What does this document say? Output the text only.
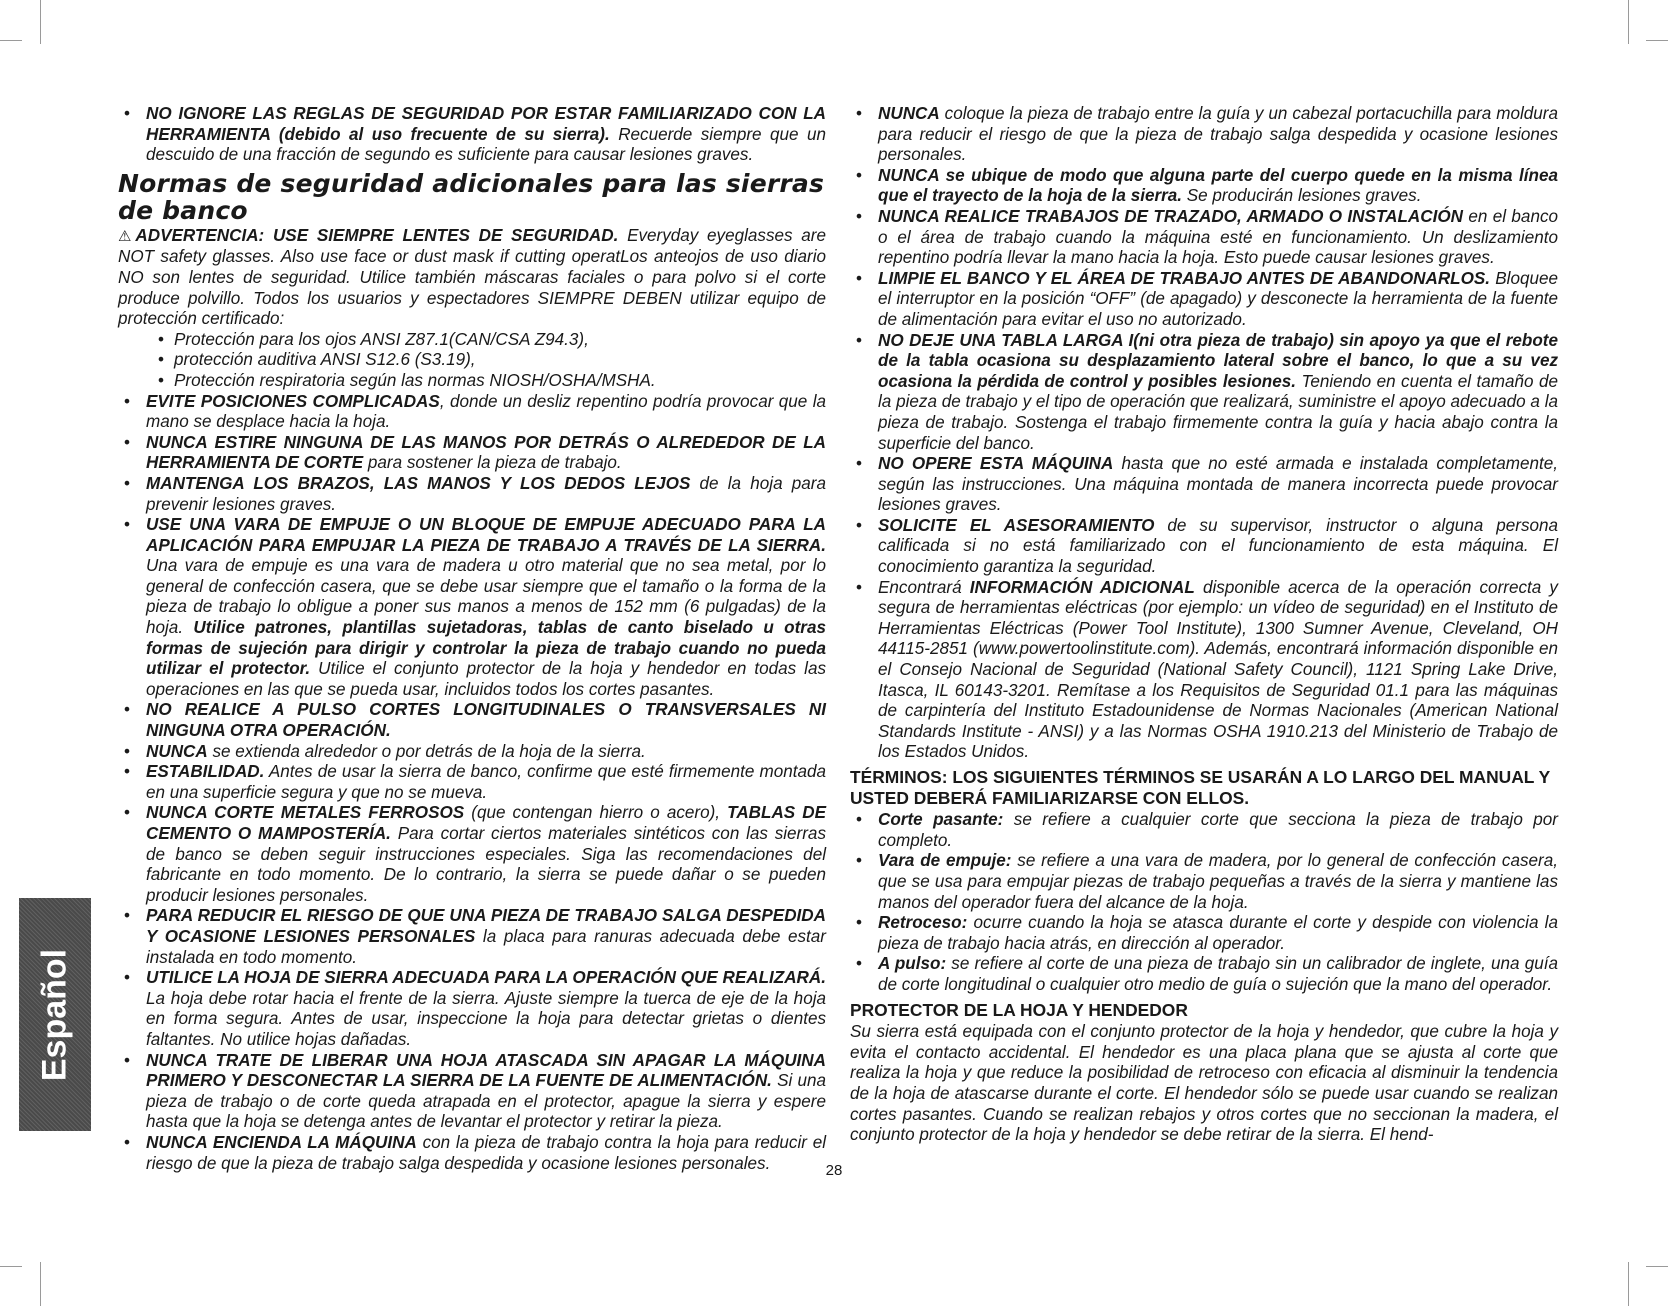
Español
• NO IGNORE LAS REGLAS DE SEGURIDAD POR ESTAR FAMILIARIZADO CON LA HERRAMIENTA (debido al uso frecuente de su sierra). Recuerde siempre que un descuido de una fracción de segundo es suficiente para causar lesiones graves.
Normas de seguridad adicionales para las sierras de banco

⚠ADVERTENCIA: USE SIEMPRE LENTES DE SEGURIDAD. Everyday eyeglasses are NOT safety glasses. Also use face or dust mask if cutting operatLos anteojos de uso diario NO son lentes de seguridad. Utilice también máscaras faciales o para polvo si el corte produce polvillo. Todos los usuarios y espectadores SIEMPRE DEBEN utilizar equipo de protección certificado:

• Protección para los ojos ANSI Z87.1(CAN/CSA Z94.3),
• protección auditiva ANSI S12.6 (S3.19),
• Protección respiratoria según las normas NIOSH/OSHA/MSHA.
• EVITE POSICIONES COMPLICADAS, donde un desliz repentino podría provocar que la mano se desplace hacia la hoja.
• NUNCA ESTIRE NINGUNA DE LAS MANOS POR DETRÁS O ALREDEDOR DE LA HERRAMIENTA DE CORTE para sostener la pieza de trabajo.
• MANTENGA LOS BRAZOS, LAS MANOS Y LOS DEDOS LEJOS de la hoja para prevenir lesiones graves.
• USE UNA VARA DE EMPUJE O UN BLOQUE DE EMPUJE ADECUADO PARA LA APLICACIÓN PARA EMPUJAR LA PIEZA DE TRABAJO A TRAVÉS DE LA SIERRA. Una vara de empuje es una vara de madera u otro material que no sea metal, por lo general de confección casera, que se debe usar siempre que el tamaño o la forma de la pieza de trabajo lo obligue a poner sus manos a menos de 152 mm (6 pulgadas) de la hoja. Utilice patrones, plantillas sujetadoras, tablas de canto biselado u otras formas de sujeción para dirigir y controlar la pieza de trabajo cuando no pueda utilizar el protector. Utilice el conjunto protector de la hoja y hendedor en todas las operaciones en las que se pueda usar, incluidos todos los cortes pasantes.
• NO REALICE A PULSO CORTES LONGITUDINALES O TRANSVERSALES NI NINGUNA OTRA OPERACIÓN.
• NUNCA se extienda alrededor o por detrás de la hoja de la sierra.
• ESTABILIDAD. Antes de usar la sierra de banco, confirme que esté firmemente montada en una superficie segura y que no se mueva.
• NUNCA CORTE METALES FERROSOS (que contengan hierro o acero), TABLAS DE CEMENTO O MAMPOSTERÍA. Para cortar ciertos materiales sintéticos con las sierras de banco se deben seguir instrucciones especiales. Siga las recomendaciones del fabricante en todo momento. De lo contrario, la sierra se puede dañar o se pueden producir lesiones personales.
• PARA REDUCIR EL RIESGO DE QUE UNA PIEZA DE TRABAJO SALGA DESPEDIDA Y OCASIONE LESIONES PERSONALES la placa para ranuras adecuada debe estar instalada en todo momento.
• UTILICE LA HOJA DE SIERRA ADECUADA PARA LA OPERACIÓN QUE REALIZARÁ. La hoja debe rotar hacia el frente de la sierra. Ajuste siempre la tuerca de eje de la hoja en forma segura. Antes de usar, inspeccione la hoja para detectar grietas o dientes faltantes. No utilice hojas dañadas.
• NUNCA TRATE DE LIBERAR UNA HOJA ATASCADA SIN APAGAR LA MÁQUINA PRIMERO Y DESCONECTAR LA SIERRA DE LA FUENTE DE ALIMENTACIÓN. Si una pieza de trabajo o de corte queda atrapada en el protector, apague la sierra y espere hasta que la hoja se detenga antes de levantar el protector y retirar la pieza.
• NUNCA ENCIENDA LA MÁQUINA con la pieza de trabajo contra la hoja para reducir el riesgo de que la pieza de trabajo salga despedida y ocasione lesiones personales.
• NUNCA coloque la pieza de trabajo entre la guía y un cabezal portacuchilla para moldura para reducir el riesgo de que la pieza de trabajo salga despedida y ocasione lesiones personales.
• NUNCA se ubique de modo que alguna parte del cuerpo quede en la misma línea que el trayecto de la hoja de la sierra. Se producirán lesiones graves.
• NUNCA REALICE TRABAJOS DE TRAZADO, ARMADO O INSTALACIÓN en el banco o el área de trabajo cuando la máquina esté en funcionamiento. Un deslizamiento repentino podría llevar la mano hacia la hoja. Esto puede causar lesiones graves.
• LIMPIE EL BANCO Y EL ÁREA DE TRABAJO ANTES DE ABANDONARLOS. Bloquee el interruptor en la posición “OFF” (de apagado) y desconecte la herramienta de la fuente de alimentación para evitar el uso no autorizado.
• NO DEJE UNA TABLA LARGA I(ni otra pieza de trabajo) sin apoyo ya que el rebote de la tabla ocasiona su desplazamiento lateral sobre el banco, lo que a su vez ocasiona la pérdida de control y posibles lesiones. Teniendo en cuenta el tamaño de la pieza de trabajo y el tipo de operación que realizará, suministre el apoyo adecuado a la pieza de trabajo. Sostenga el trabajo firmemente contra la guía y hacia abajo contra la superficie del banco.
• NO OPERE ESTA MÁQUINA hasta que no esté armada e instalada completamente, según las instrucciones. Una máquina montada de manera incorrecta puede provocar lesiones graves.
• SOLICITE EL ASESORAMIENTO de su supervisor, instructor o alguna persona calificada si no está familiarizado con el funcionamiento de esta máquina. El conocimiento garantiza la seguridad.
• Encontrará INFORMACIÓN ADICIONAL disponible acerca de la operación correcta y segura de herramientas eléctricas (por ejemplo: un vídeo de seguridad) en el Instituto de Herramientas Eléctricas (Power Tool Institute), 1300 Sumner Avenue, Cleveland, OH 44115-2851 (www.powertoolinstitute.com). Además, encontrará información disponible en el Consejo Nacional de Seguridad (National Safety Council), 1121 Spring Lake Drive, Itasca, IL 60143-3201. Remítase a los Requisitos de Seguridad 01.1 para las máquinas de carpintería del Instituto Estadounidense de Normas Nacionales (American National Standards Institute - ANSI) y a las Normas OSHA 1910.213 del Ministerio de Trabajo de los Estados Unidos.
TÉRMINOS: LOS SIGUIENTES TÉRMINOS SE USARÁN A LO LARGO DEL MANUAL Y USTED DEBERÁ FAMILIARIZARSE CON ELLOS.
• Corte pasante: se refiere a cualquier corte que secciona la pieza de trabajo por completo.
• Vara de empuje: se refiere a una vara de madera, por lo general de confección casera, que se usa para empujar piezas de trabajo pequeñas a través de la sierra y mantiene las manos del operador fuera del alcance de la hoja.
• Retroceso: ocurre cuando la hoja se atasca durante el corte y despide con violencia la pieza de trabajo hacia atrás, en dirección al operador.
• A pulso: se refiere al corte de una pieza de trabajo sin un calibrador de inglete, una guía de corte longitudinal o cualquier otro medio de guía o sujeción que la mano del operador.
PROTECTOR DE LA HOJA Y HENDEDOR

Su sierra está equipada con el conjunto protector de la hoja y hendedor, que cubre la hoja y evita el contacto accidental. El hendedor es una placa plana que se ajusta al corte que realiza la hoja y que reduce la posibilidad de retroceso con eficacia al disminuir la tendencia de la hoja de atascarse durante el corte. El hendedor sólo se puede usar cuando se realizan cortes pasantes. Cuando se realizan rebajos y otros cortes que no seccionan la madera, el conjunto protector de la hoja y hendedor se debe retirar de la sierra. El hend-

28
